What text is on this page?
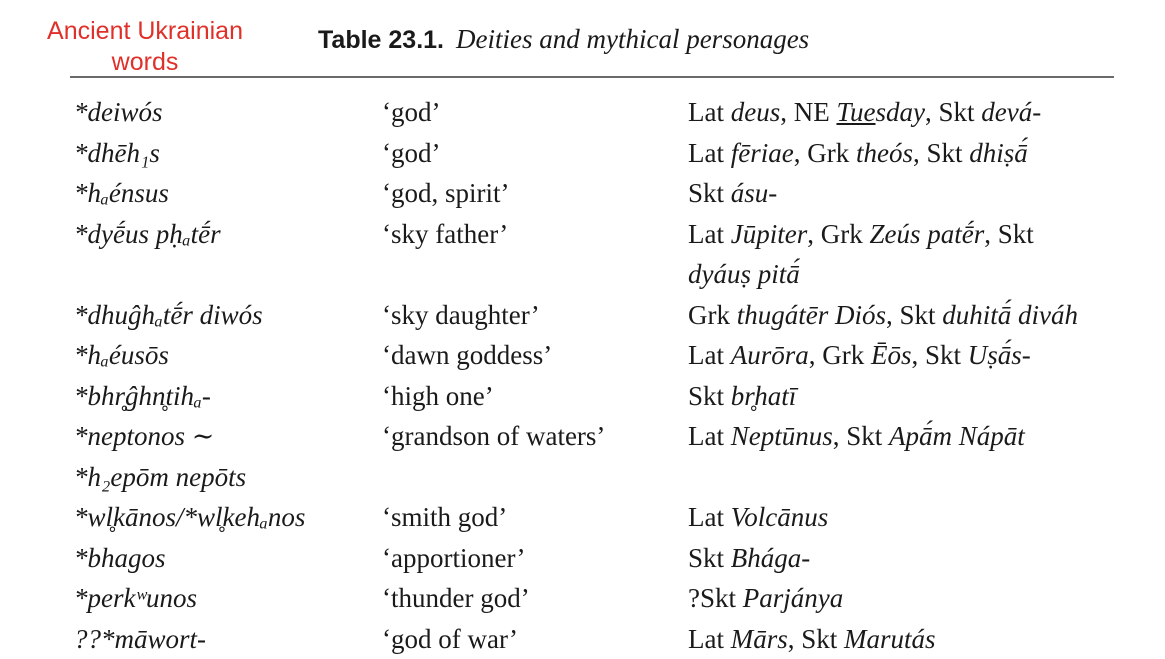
Ancient Ukrainian words
Table 23.1. Deities and mythical personages
*deiwós	‘god’	Lat deus, NE Tuesday, Skt devá-
*dhēh₁s	‘god’	Lat fēriae, Grk theós, Skt dhiṣā́
*hₐénsus	‘god, spirit’	Skt ásu-
*dyḗus pḥₐtḗr	‘sky father’	Lat Jūpiter, Grk Zeús patḗr, Skt
dyáuṣ pitā́
*dhuĝhₐtḗr diwós	‘sky daughter’	Grk thugátēr Diós, Skt duhitā́ diváh
*hₐéusōs	‘dawn goddess’	Lat Aurōra, Grk Ēōs, Skt Uṣā́s-
*bhr̥ĝhn̥tihₐ-	‘high one’	Skt br̥hatī
*neptonos ∼	‘grandson of waters’	Lat Neptūnus, Skt Apā́m Nápāt
*h₂epōm nepōts
*wl̥kānos/*wl̥kehₐnos	‘smith god’	Lat Volcānus
*bhagos	‘apportioner’	Skt Bhága-
*perkʷunos	‘thunder god’	?Skt Parjánya
??*māwort-	‘god of war’	Lat Mārs, Skt Marutás
